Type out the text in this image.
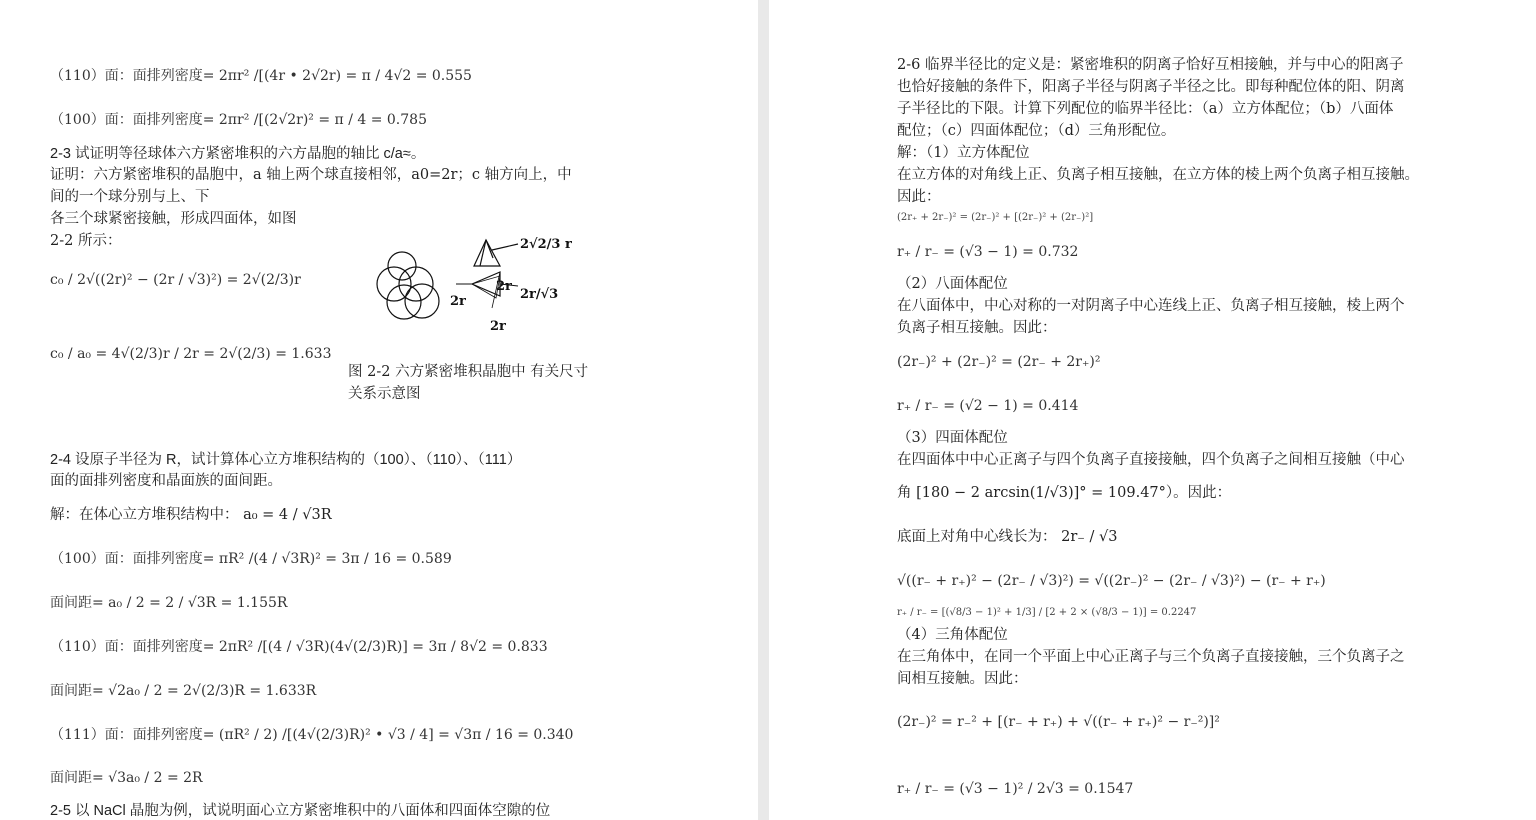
（110）面：面排列密度= 2πr² /[(4r • 2√2r) = π / 4√2 = 0.555
（100）面：面排列密度= 2πr² /[(2√2r)² = π / 4 = 0.785
2-3 试证明等径球体六方紧密堆积的六方晶胞的轴比 c/a≈。
证明：六方紧密堆积的晶胞中，a 轴上两个球直接相邻，a0=2r；c 轴方向上，中
间的一个球分别与上、下
各三个球紧密接触，形成四面体，如图
2-2 所示：
c₀ / 2√((2r)² − (2r / √3)²) = 2√(2/3)r
c₀ / a₀ = 4√(2/3)r / 2r = 2√(2/3) = 1.633
2√2/3 r
2r
2r
2r
2r/√3
图 2-2 六方紧密堆积晶胞中 有关尺寸
关系示意图
2-4 设原子半径为 R，试计算体心立方堆积结构的（100）、（110）、（111）
面的面排列密度和晶面族的面间距。
解：在体心立方堆积结构中： a₀ = 4 / √3R
（100）面：面排列密度= πR² /(4 / √3R)² = 3π / 16 = 0.589
面间距= a₀ / 2 = 2 / √3R = 1.155R
（110）面：面排列密度= 2πR² /[(4 / √3R)(4√(2/3)R)] = 3π / 8√2 = 0.833
面间距= √2a₀ / 2 = 2√(2/3)R = 1.633R
（111）面：面排列密度= (πR² / 2) /[(4√(2/3)R)² • √3 / 4] = √3π / 16 = 0.340
面间距= √3a₀ / 2 = 2R
2-5 以 NaCl 晶胞为例，试说明面心立方紧密堆积中的八面体和四面体空隙的位
2-6 临界半径比的定义是：紧密堆积的阴离子恰好互相接触，并与中心的阳离子
也恰好接触的条件下，阳离子半径与阴离子半径之比。即每种配位体的阳、阴离
子半径比的下限。计算下列配位的临界半径比：（a）立方体配位；（b）八面体
配位；（c）四面体配位；（d）三角形配位。
解：（1）立方体配位
在立方体的对角线上正、负离子相互接触，在立方体的棱上两个负离子相互接触。
因此：
(2r₊ + 2r₋)² = (2r₋)² + [(2r₋)² + (2r₋)²]
r₊ / r₋ = (√3 − 1) = 0.732
（2）八面体配位
在八面体中，中心对称的一对阴离子中心连线上正、负离子相互接触，棱上两个
负离子相互接触。因此：
(2r₋)² + (2r₋)² = (2r₋ + 2r₊)²
r₊ / r₋ = (√2 − 1) = 0.414
（3）四面体配位
在四面体中中心正离子与四个负离子直接接触，四个负离子之间相互接触（中心
角 [180 − 2 arcsin(1/√3)]° = 109.47°）。因此：
底面上对角中心线长为： 2r₋ / √3
√((r₋ + r₊)² − (2r₋ / √3)²) = √((2r₋)² − (2r₋ / √3)²) − (r₋ + r₊)
r₊ / r₋ = [(√8/3 − 1)² + 1/3] / [2 + 2 × (√8/3 − 1)] = 0.2247
（4）三角体配位
在三角体中，在同一个平面上中心正离子与三个负离子直接接触，三个负离子之
间相互接触。因此：
(2r₋)² = r₋² + [(r₋ + r₊) + √((r₋ + r₊)² − r₋²)]²
r₊ / r₋ = (√3 − 1)² / 2√3 = 0.1547
